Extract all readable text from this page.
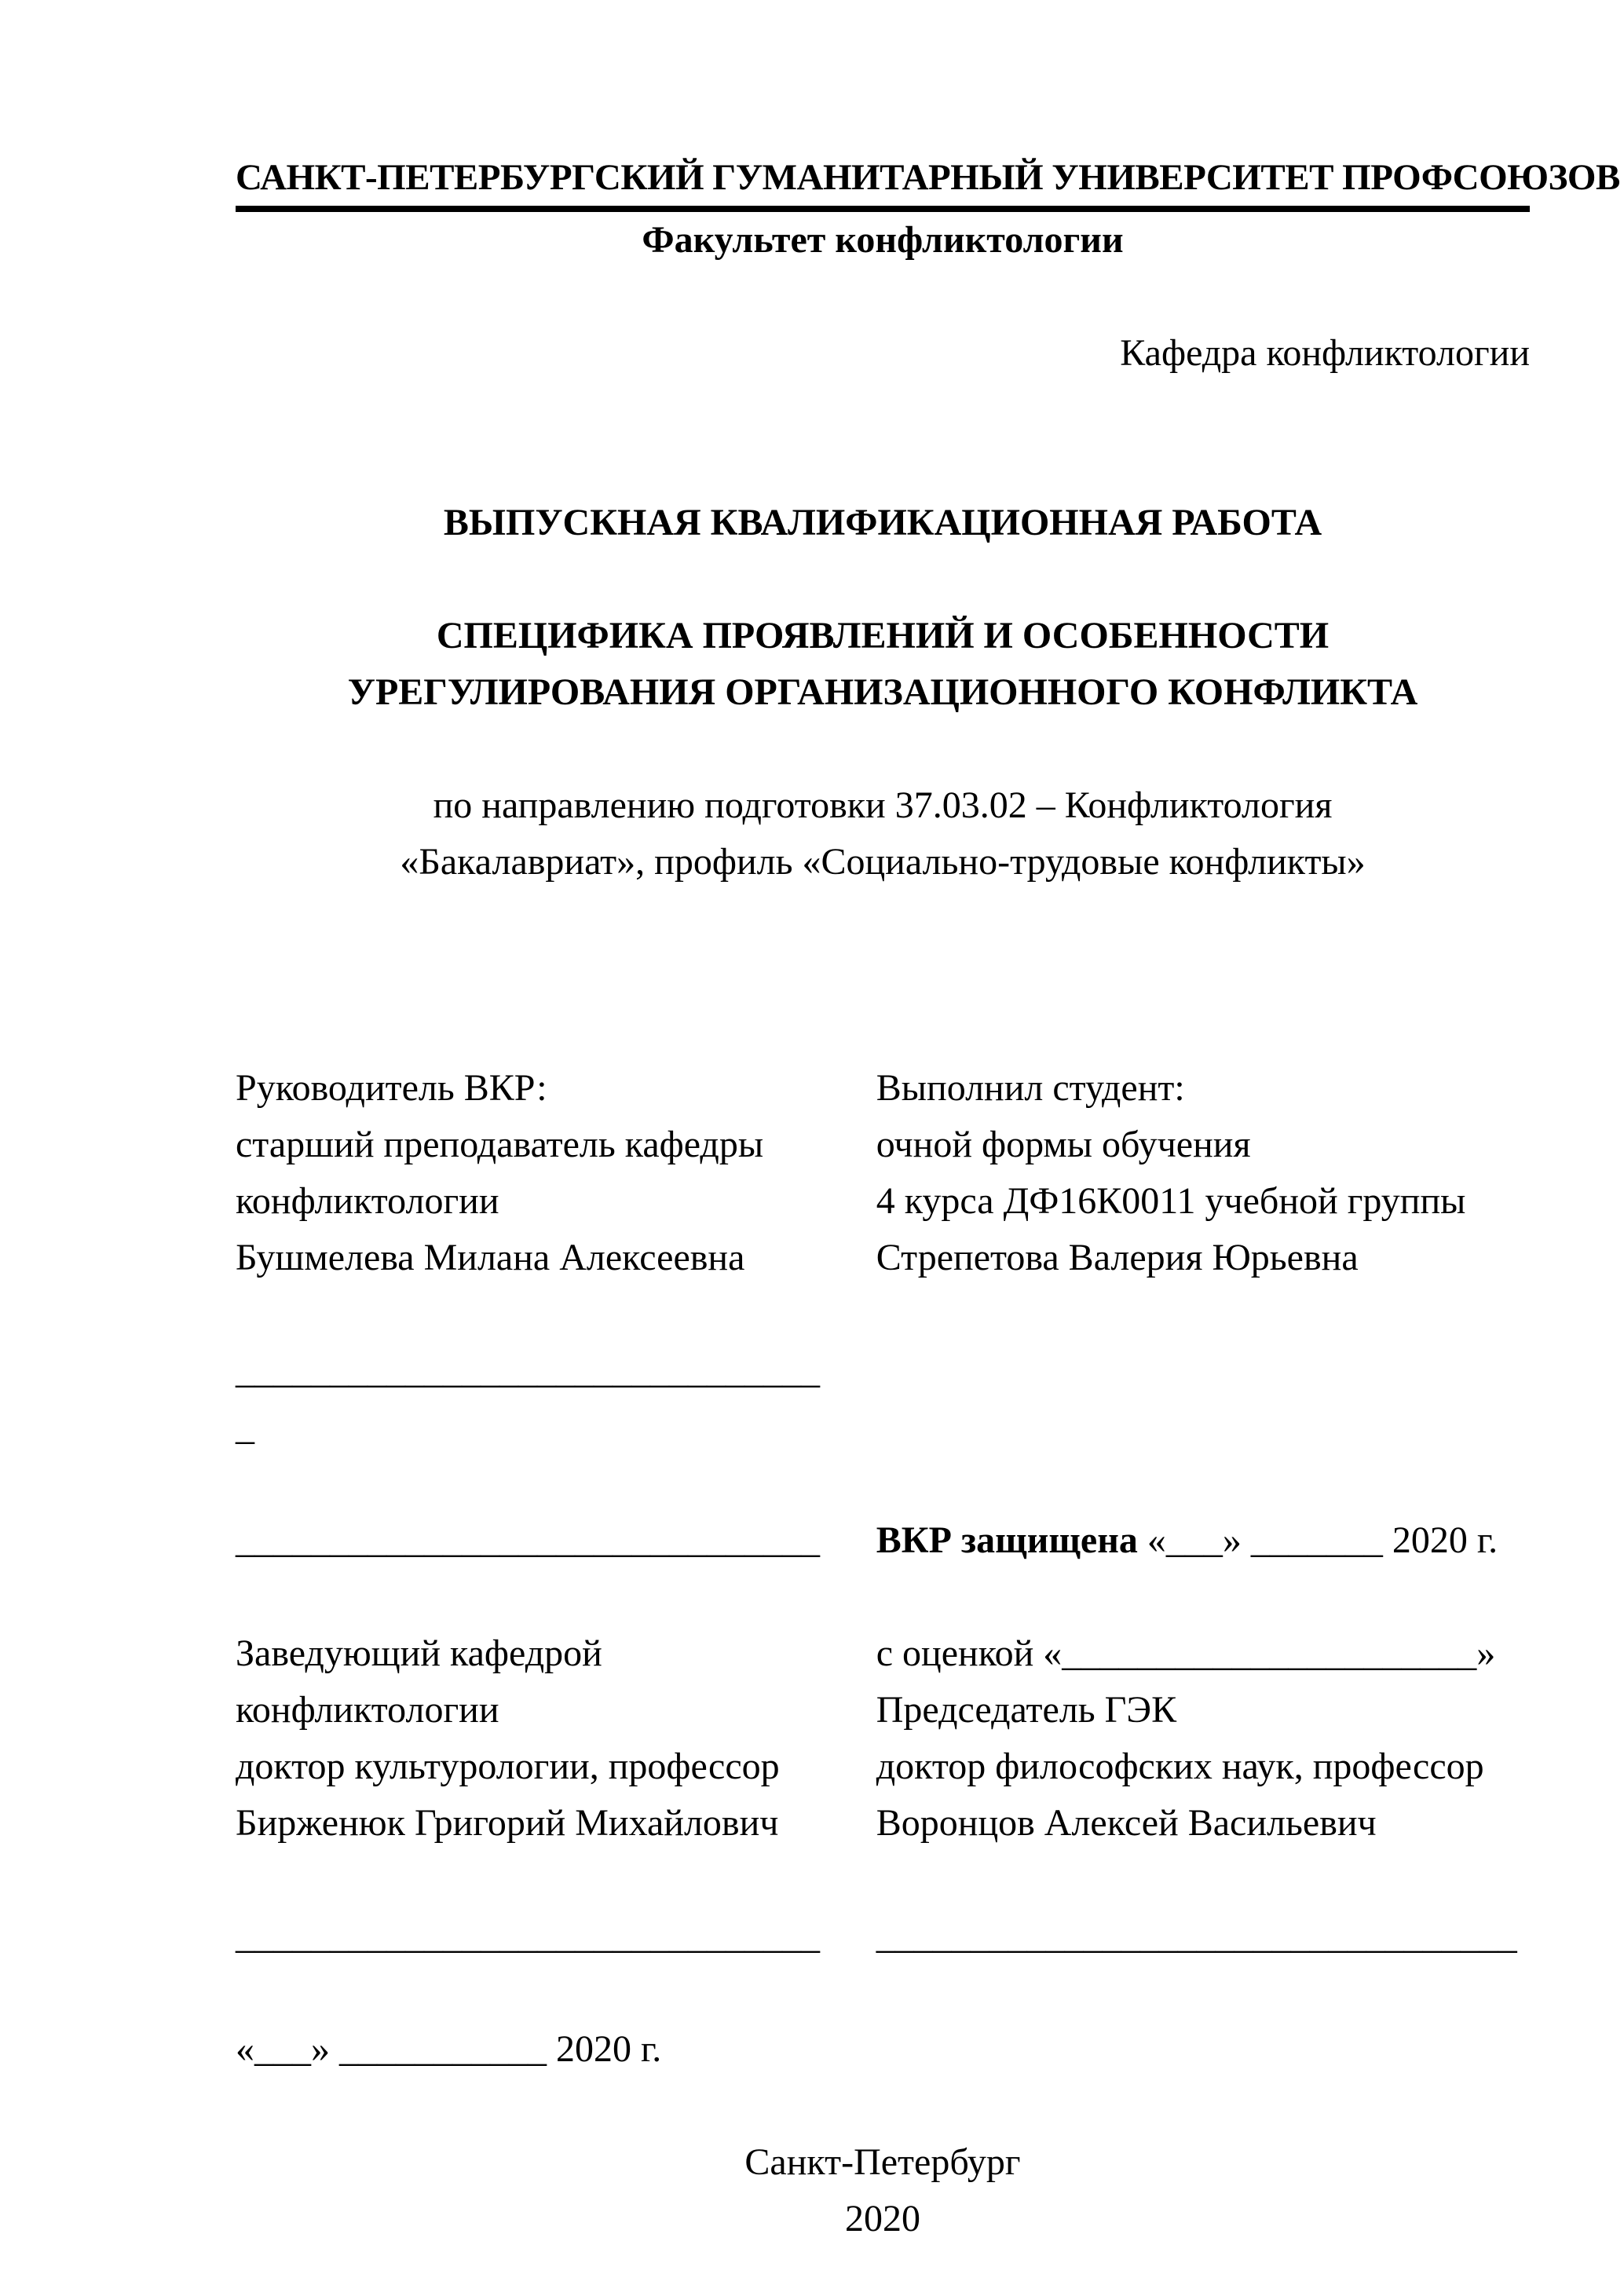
САНКТ-ПЕТЕРБУРГСКИЙ ГУМАНИТАРНЫЙ УНИВЕРСИТЕТ ПРОФСОЮЗОВ

Факультет конфликтологии

Кафедра конфликтологии

ВЫПУСКНАЯ КВАЛИФИКАЦИОННАЯ РАБОТА

СПЕЦИФИКА ПРОЯВЛЕНИЙ И ОСОБЕННОСТИ

УРЕГУЛИРОВАНИЯ ОРГАНИЗАЦИОННОГО КОНФЛИКТА

по направлению подготовки 37.03.02 – Конфликтология

«Бакалавриат», профиль «Социально-трудовые конфликты»

Руководитель ВКР:

старший преподаватель кафедры

конфликтологии

Бушмелева Милана Алексеевна

_______________________________

_

_______________________________

Заведующий кафедрой

конфликтологии

доктор культурологии, профессор

Бирженюк Григорий Михайлович

_______________________________

«___» ___________ 2020 г.

Выполнил студент:

очной формы обучения

4 курса ДФ16К0011 учебной группы

Стрепетова Валерия Юрьевна

ВКР защищена «___» _______ 2020 г.

с оценкой «______________________»

Председатель ГЭК

доктор философских наук, профессор

Воронцов Алексей Васильевич

__________________________________

Санкт-Петербург

2020
